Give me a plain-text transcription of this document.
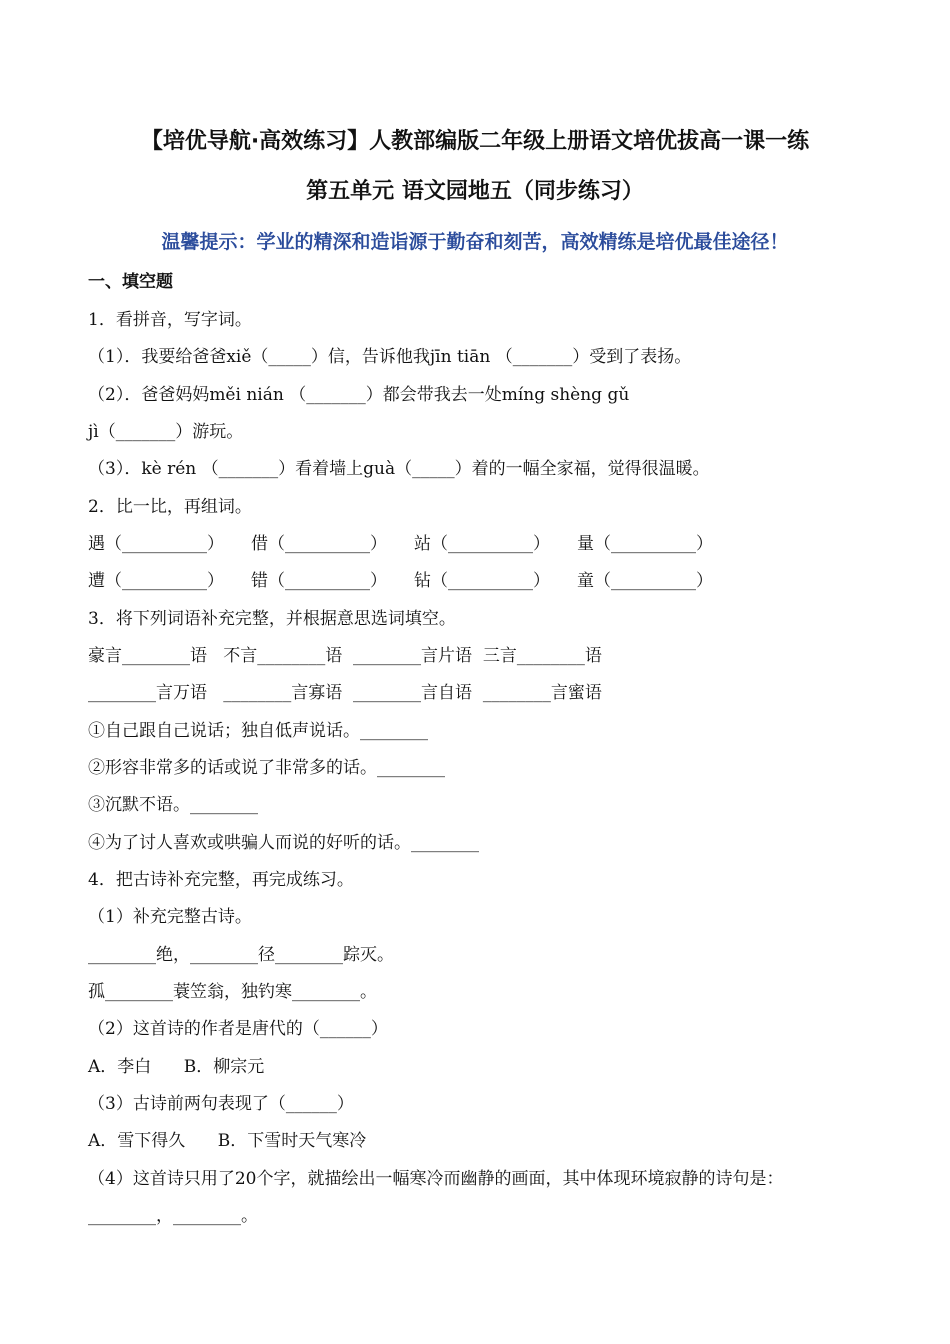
【培优导航·高效练习】人教部编版二年级上册语文培优拔高一课一练
第五单元 语文园地五（同步练习）
温馨提示：学业的精深和造诣源于勤奋和刻苦，高效精练是培优最佳途径！
一、填空题
1．看拼音，写字词。
（1）．我要给爸爸xiě（_____）信，告诉他我jīn tiān （_______）受到了表扬。
（2）．爸爸妈妈měi nián （_______）都会带我去一处míng shèng gǔ
jì（_______）游玩。
（3）．kè rén （_______）看着墙上guà（_____）着的一幅全家福，觉得很温暖。
2．比一比，再组词。
遇（__________）     借（__________）     站（__________）     量（__________）
遭（__________）     错（__________）     钻（__________）     童（__________）
3．将下列词语补充完整，并根据意思选词填空。
豪言________语   不言________语  ________言片语  三言________语
________言万语   ________言寡语  ________言自语  ________言蜜语
①自己跟自己说话；独自低声说话。________
②形容非常多的话或说了非常多的话。________
③沉默不语。________
④为了讨人喜欢或哄骗人而说的好听的话。________
4．把古诗补充完整，再完成练习。
（1）补充完整古诗。
________绝，________径________踪灭。
孤________蓑笠翁，独钓寒________。
（2）这首诗的作者是唐代的（______）
A．李白      B．柳宗元
（3）古诗前两句表现了（______）
A．雪下得久      B．下雪时天气寒冷
（4）这首诗只用了20个字，就描绘出一幅寒冷而幽静的画面，其中体现环境寂静的诗句是：
________，________。
